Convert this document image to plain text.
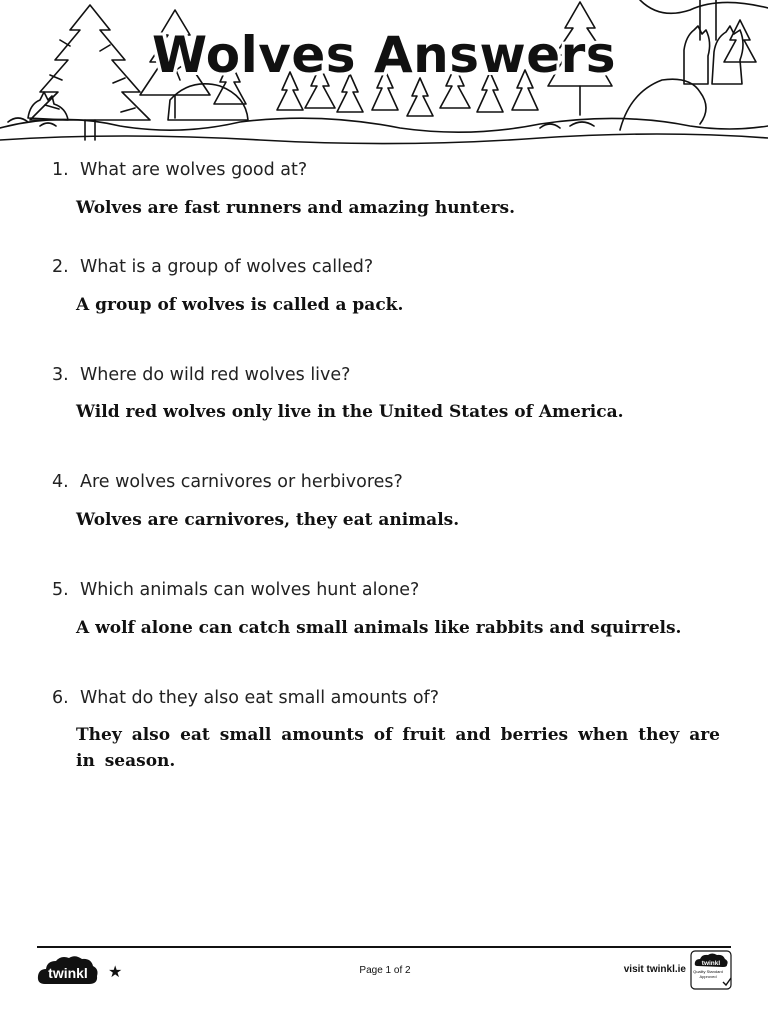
Wolves Answers
1. What are wolves good at?
Wolves are fast runners and amazing hunters.
2. What is a group of wolves called?
A group of wolves is called a pack.
3. Where do wild red wolves live?
Wild red wolves only live in the United States of America.
4. Are wolves carnivores or herbivores?
Wolves are carnivores, they eat animals.
5. Which animals can wolves hunt alone?
A wolf alone can catch small animals like rabbits and squirrels.
6. What do they also eat small amounts of?
They also eat small amounts of fruit and berries when they are in season.
twinkl ★	Page 1 of 2	visit twinkl.ie
twinkl
Quality Standard Approved
